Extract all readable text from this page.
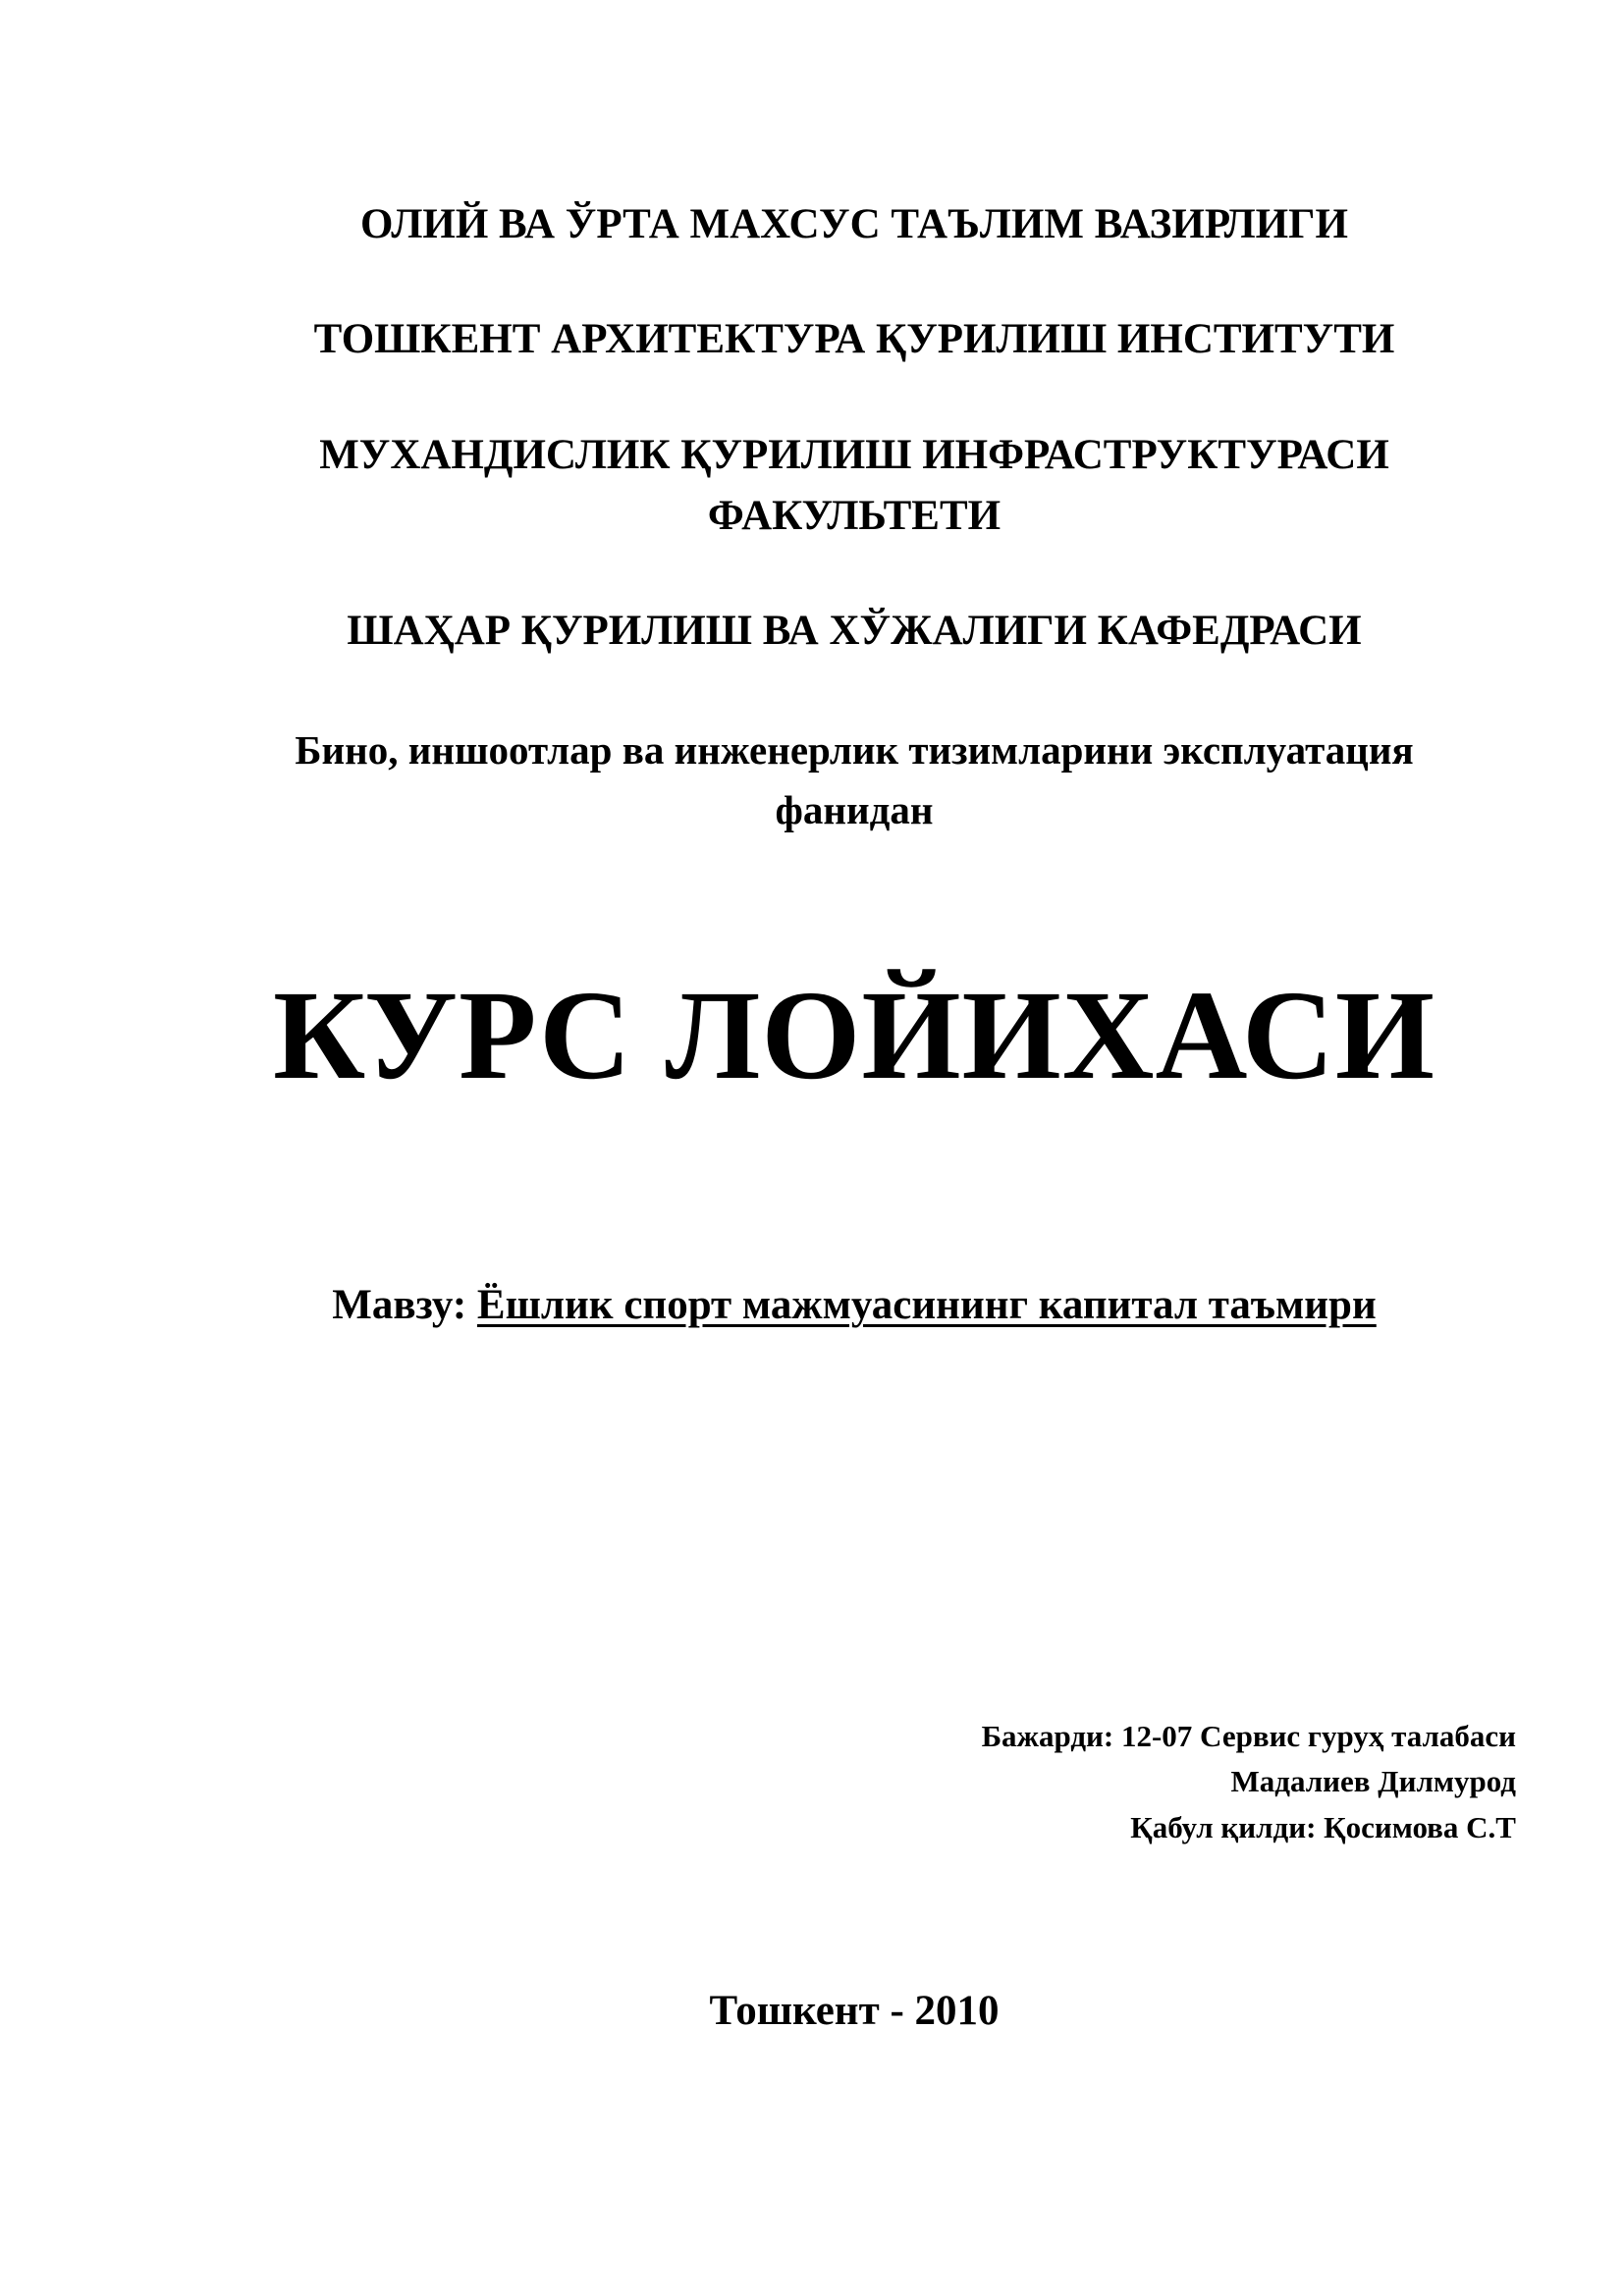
ОЛИЙ ВА ЎРТА МАХСУС ТАЪЛИМ ВАЗИРЛИГИ
ТОШКЕНТ АРХИТЕКТУРА ҚУРИЛИШ ИНСТИТУТИ
МУХАНДИСЛИК ҚУРИЛИШ ИНФРАСТРУКТУРАСИ
ФАКУЛЬТЕТИ
ШАҲАР ҚУРИЛИШ ВА ХЎЖАЛИГИ КАФЕДРАСИ
Бино, иншоотлар ва инженерлик тизимларини эксплуатация
фанидан
КУРС ЛОЙИХАСИ
Мавзу: Ёшлик спорт мажмуасининг капитал таъмири
Бажарди: 12-07 Сервис гуруҳ талабаси
Мадалиев Дилмурод
Қабул қилди: Қосимова С.Т
Тошкент - 2010
